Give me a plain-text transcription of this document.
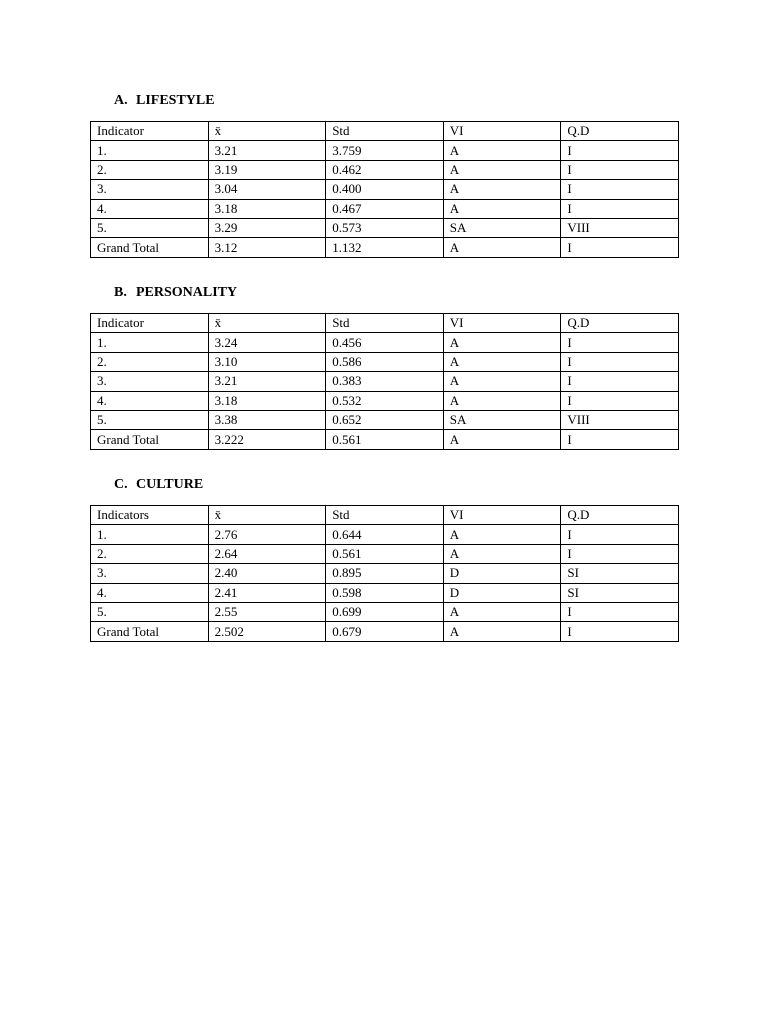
A. LIFESTYLE
Indicator	x̄	Std	VI	Q.D
1.	3.21	3.759	A	I
2.	3.19	0.462	A	I
3.	3.04	0.400	A	I
4.	3.18	0.467	A	I
5.	3.29	0.573	SA	VIII
Grand Total	3.12	1.132	A	I
B. PERSONALITY
Indicator	x̄	Std	VI	Q.D
1.	3.24	0.456	A	I
2.	3.10	0.586	A	I
3.	3.21	0.383	A	I
4.	3.18	0.532	A	I
5.	3.38	0.652	SA	VIII
Grand Total	3.222	0.561	A	I
C. CULTURE
Indicators	x̄	Std	VI	Q.D
1.	2.76	0.644	A	I
2.	2.64	0.561	A	I
3.	2.40	0.895	D	SI
4.	2.41	0.598	D	SI
5.	2.55	0.699	A	I
Grand Total	2.502	0.679	A	I
